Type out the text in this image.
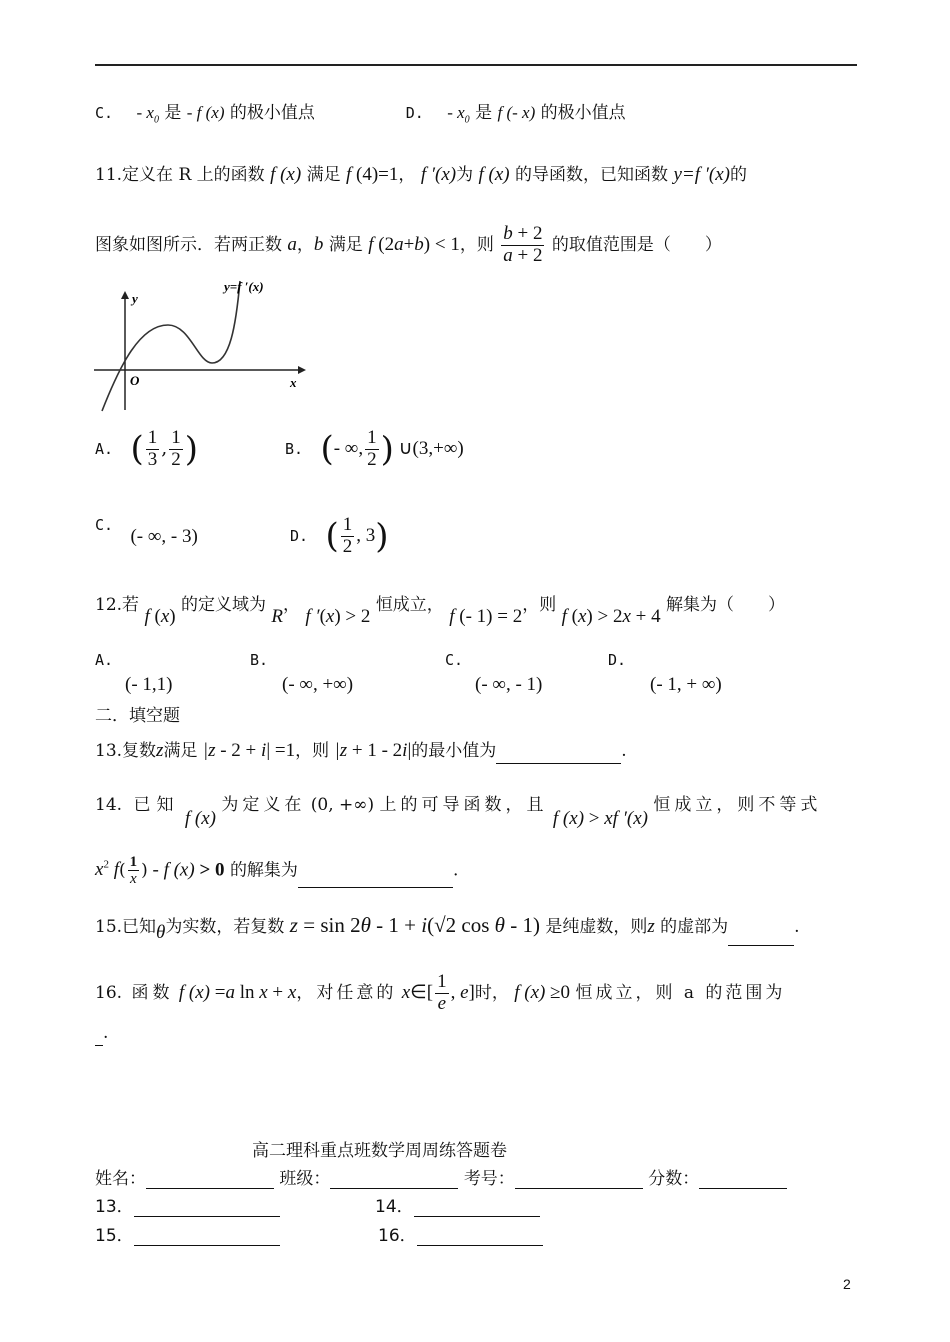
C. - $x_0$ 是 - f (x) 的极小值点	D. - $x_0$ 是 f (- x) 的极小值点
11.定义在 R 上的函数 f (x) 满足 f (4)=1， f ′(x)为 f (x) 的导函数，已知函数 y=f ′(x)的
图象如图所示．若两正数 a，b 满足 f (2a+b) < 1，则 $\frac{b + 2}{a + 2}$ 的取值范围是（　　）
x
y
O
y=f ′(x)
A. ( $\frac{1}{3}$ , $\frac{1}{2}$ )	B. (- ∞, $\frac{1}{2}$ ) ∪(3,+∞)
C. (- ∞, - 3)	D. ( $\frac{1}{2}$ , 3)
12.若 f (x) 的定义域为 R， f ′(x) > 2 恒成立， f (- 1) = 2，则 f (x) > 2x + 4 解集为（　　）
A.
(- 1,1)
B.
(- ∞, +∞)
C.
(- ∞, - 1)
D.
(- 1, + ∞)
二．填空题
13.复数z满足 |z - 2 + i| =1，则 |z + 1 - 2i|的最小值为	.
14. 已知 f (x) 为定义在 (0, +∞) 上的可导函数，且 f (x) > xf ′(x) 恒成立，则不等式
$x^2$ $f( \frac{1}{x}$ ) - f (x) > 0 的解集为	.
15.已知θ为实数，若复数 z = sin 2θ - 1 + i(√2 cos θ - 1) 是纯虚数，则z 的虚部为	.
16. 函数 f (x) =a ln x + x，对任意的 x∈[ $\frac{1}{e}$ , e]时， f (x) ≥0 恒成立，则 a 的范围为
.
高二理科重点班数学周周练答题卷
姓名：	班级：	考号：	分数：
13．	14．
15．	16．
2
